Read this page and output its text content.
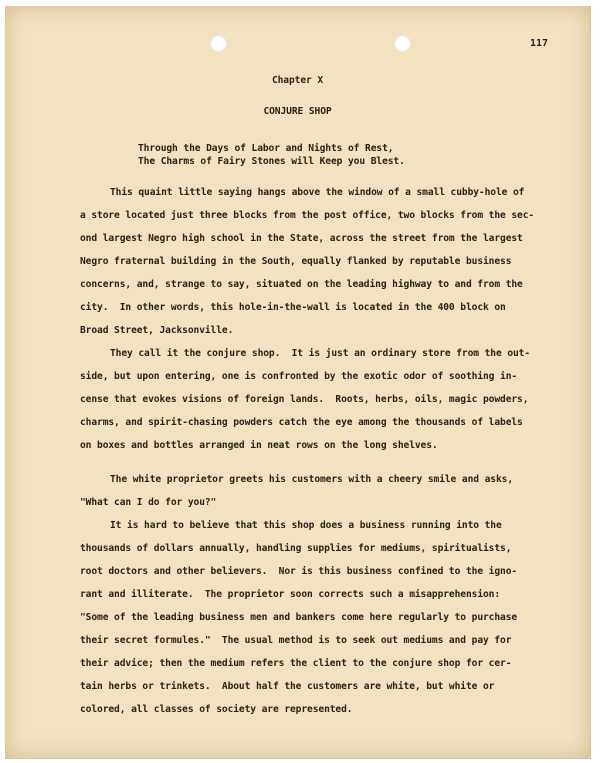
117
Chapter X
CONJURE SHOP
Through the Days of Labor and Nights of Rest,
The Charms of Fairy Stones will Keep you Blest.
This quaint little saying hangs above the window of a small cubby-hole of
a store located just three blocks from the post office, two blocks from the sec-
ond largest Negro high school in the State, across the street from the largest
Negro fraternal building in the South, equally flanked by reputable business
concerns, and, strange to say, situated on the leading highway to and from the
city.  In other words, this hole-in-the-wall is located in the 400 block on
Broad Street, Jacksonville.
They call it the conjure shop.  It is just an ordinary store from the out-
side, but upon entering, one is confronted by the exotic odor of soothing in-
cense that evokes visions of foreign lands.  Roots, herbs, oils, magic powders,
charms, and spirit-chasing powders catch the eye among the thousands of labels
on boxes and bottles arranged in neat rows on the long shelves.
The white proprietor greets his customers with a cheery smile and asks,
"What can I do for you?"
It is hard to believe that this shop does a business running into the
thousands of dollars annually, handling supplies for mediums, spiritualists,
root doctors and other believers.  Nor is this business confined to the igno-
rant and illiterate.  The proprietor soon corrects such a misapprehension:
"Some of the leading business men and bankers come here regularly to purchase
their secret formules."  The usual method is to seek out mediums and pay for
their advice; then the medium refers the client to the conjure shop for cer-
tain herbs or trinkets.  About half the customers are white, but white or
colored, all classes of society are represented.
